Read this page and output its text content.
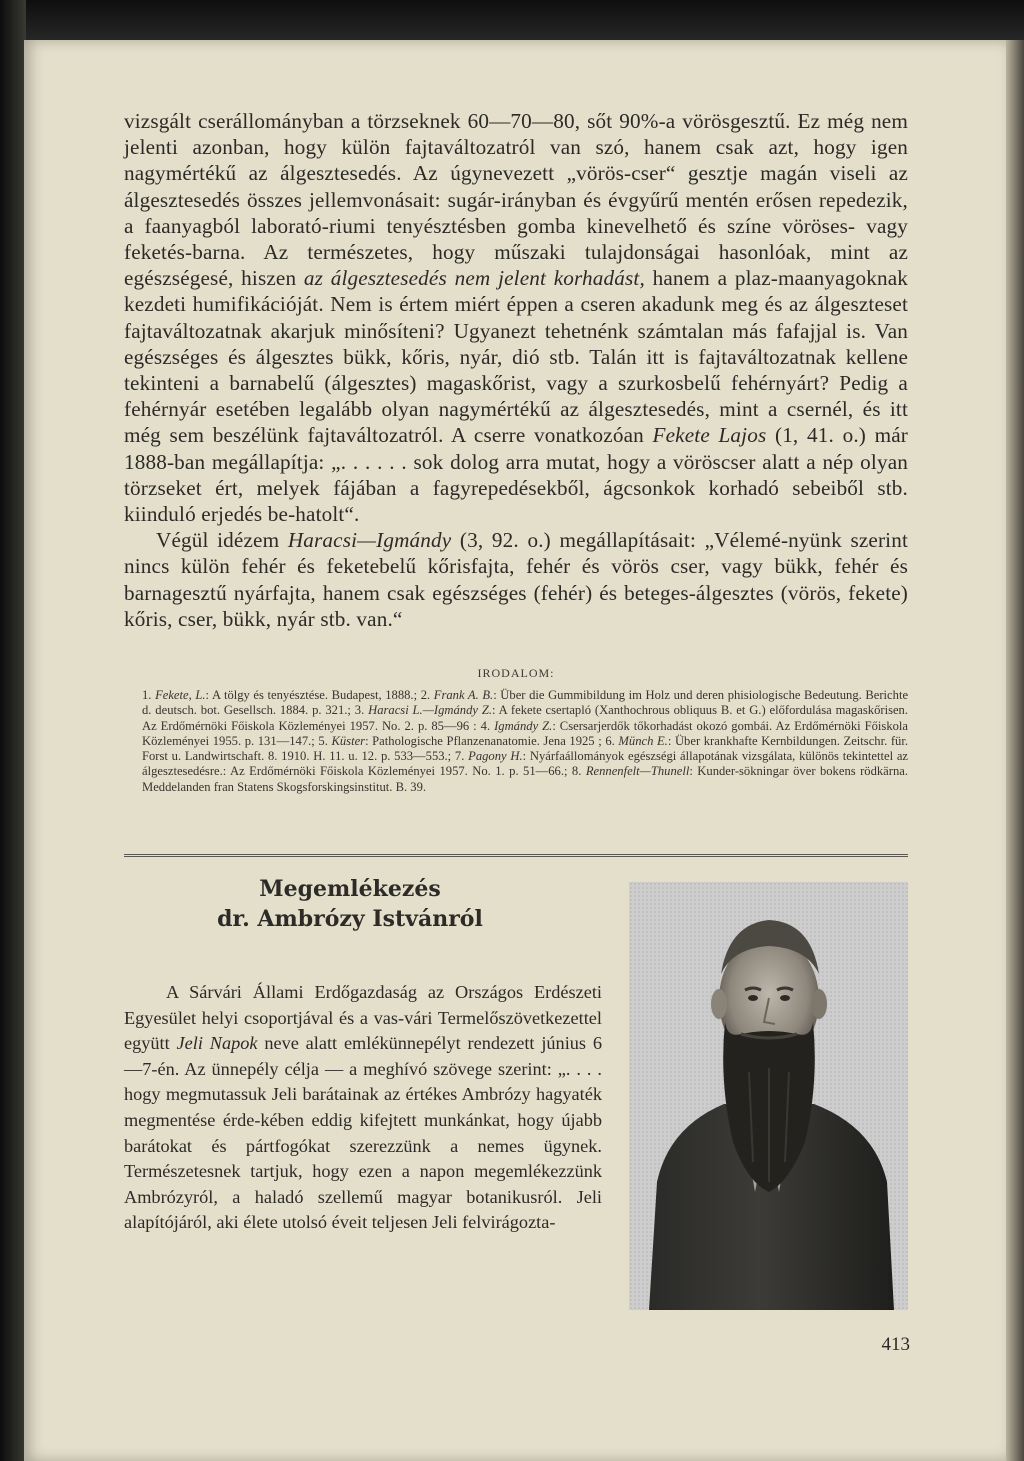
vizsgált cserállományban a törzseknek 60—70—80, sőt 90%-a vörösgesztű. Ez még nem jelenti azonban, hogy külön fajtaváltozatról van szó, hanem csak azt, hogy igen nagymértékű az álgesztesedés. Az úgynevezett „vörös-cser“ gesztje magán viseli az álgesztesedés összes jellemvonásait: sugár-irányban és évgyűrű mentén erősen repedezik, a faanyagból laborató-riumi tenyésztésben gomba kinevelhető és színe vöröses- vagy feketés-barna. Az természetes, hogy műszaki tulajdonságai hasonlóak, mint az egészségesé, hiszen az álgesztesedés nem jelent korhadást, hanem a plaz-maanyagoknak kezdeti humifikációját. Nem is értem miért éppen a cseren akadunk meg és az álgeszteset fajtaváltozatnak akarjuk minősíteni? Ugyanezt tehetnénk számtalan más fafajjal is. Van egészséges és álgesztes bükk, kőris, nyár, dió stb. Talán itt is fajtaváltozatnak kellene tekinteni a barnabelű (álgesztes) magaskőrist, vagy a szurkosbelű fehérnyárt? Pedig a fehérnyár esetében legalább olyan nagymértékű az álgesztesedés, mint a csernél, és itt még sem beszélünk fajtaváltozatról. A cserre vonatkozóan Fekete Lajos (1, 41. o.) már 1888-ban megállapítja: „. . . . . . sok dolog arra mutat, hogy a vöröscser alatt a nép olyan törzseket ért, melyek fájában a fagyrepedésekből, ágcsonkok korhadó sebeiből stb. kiinduló erjedés be-hatolt“.

Végül idézem Haracsi—Igmándy (3, 92. o.) megállapításait: „Vélemé-nyünk szerint nincs külön fehér és feketebelű kőrisfajta, fehér és vörös cser, vagy bükk, fehér és barnagesztű nyárfajta, hanem csak egészséges (fehér) és beteges-álgesztes (vörös, fekete) kőris, cser, bükk, nyár stb. van.“

IRODALOM:
1. Fekete, L.: A tölgy és tenyésztése. Budapest, 1888.; 2. Frank A. B.: Über die Gummibildung im Holz und deren phisiologische Bedeutung. Berichte d. deutsch. bot. Gesellsch. 1884. p. 321.; 3. Haracsi L.—Igmándy Z.: A fekete csertapló (Xanthochrous obliquus B. et G.) előfordulása magaskőrisen. Az Erdőmérnöki Főiskola Közleményei 1957. No. 2. p. 85—96 : 4. Igmándy Z.: Csersarjerdők tőkorhadást okozó gombái. Az Erdőmérnöki Főiskola Közleményei 1955. p. 131—147.; 5. Küster: Pathologische Pflanzenanatomie. Jena 1925 ; 6. Münch E.: Über krankhafte Kernbildungen. Zeitschr. für. Forst u. Landwirtschaft. 8. 1910. H. 11. u. 12. p. 533—553.; 7. Pagony H.: Nyárfaállományok egészségi állapotának vizsgálata, különös tekintettel az álgesztesedésre.: Az Erdőmérnöki Főiskola Közleményei 1957. No. 1. p. 51—66.; 8. Rennenfelt—Thunell: Kunder-sökningar över bokens rödkärna. Meddelanden fran Statens Skogsforskingsinstitut. B. 39.
Megemlékezés
dr. Ambrózy Istvánról

A Sárvári Állami Erdőgazdaság az Országos Erdészeti Egyesület helyi csoportjával és a vas-vári Termelőszövetkezettel együtt Jeli Napok neve alatt emlékünnepélyt rendezett június 6—7-én. Az ünnepély célja — a meghívó szövege szerint: „. . . . hogy megmutassuk Jeli barátainak az értékes Ambrózy hagyaték megmentése érde-kében eddig kifejtett munkánkat, hogy újabb barátokat és pártfogókat szerezzünk a nemes ügynek. Természetesnek tartjuk, hogy ezen a napon megemlékezzünk Ambrózyról, a haladó szellemű magyar botanikusról. Jeli alapítójáról, aki élete utolsó éveit teljesen Jeli felvirágozta-

413
